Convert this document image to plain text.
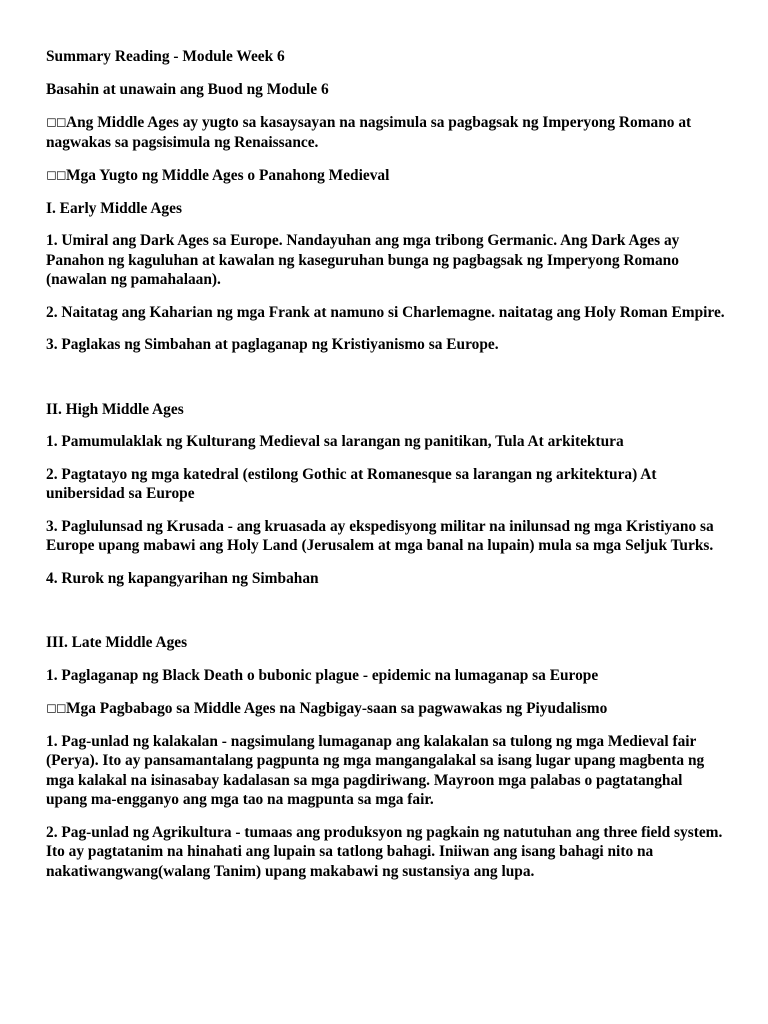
Summary Reading - Module Week 6

Basahin at unawain ang Buod ng Module 6

◻◻Ang Middle Ages ay yugto sa kasaysayan na nagsimula sa pagbagsak ng Imperyong Romano at nagwakas sa pagsisimula ng Renaissance.

◻◻Mga Yugto ng Middle Ages o Panahong Medieval

I. Early Middle Ages

1. Umiral ang Dark Ages sa Europe. Nandayuhan ang mga tribong Germanic. Ang Dark Ages ay Panahon ng kaguluhan at kawalan ng kaseguruhan bunga ng pagbagsak ng Imperyong Romano (nawalan ng pamahalaan).

2. Naitatag ang Kaharian ng mga Frank at namuno si Charlemagne. naitatag ang Holy Roman Empire.

3. Paglakas ng Simbahan at paglaganap ng Kristiyanismo sa Europe.

II. High Middle Ages

1. Pamumulaklak ng Kulturang Medieval sa larangan ng panitikan, Tula At arkitektura

2. Pagtatayo ng mga katedral (estilong Gothic at Romanesque sa larangan ng arkitektura) At unibersidad sa Europe

3. Paglulunsad ng Krusada - ang kruasada ay ekspedisyong militar na inilunsad ng mga Kristiyano sa Europe upang mabawi ang Holy Land (Jerusalem at mga banal na lupain) mula sa mga Seljuk Turks.

4. Rurok ng kapangyarihan ng Simbahan

III. Late Middle Ages

1. Paglaganap ng Black Death o bubonic plague - epidemic na lumaganap sa Europe

◻◻Mga Pagbabago sa Middle Ages na Nagbigay-saan sa pagwawakas ng Piyudalismo

1. Pag-unlad ng kalakalan - nagsimulang lumaganap ang kalakalan sa tulong ng mga Medieval fair (Perya). Ito ay pansamantalang pagpunta ng mga mangangalakal sa isang lugar upang magbenta ng mga kalakal na isinasabay kadalasan sa mga pagdiriwang. Mayroon mga palabas o pagtatanghal upang ma-engganyo ang mga tao na magpunta sa mga fair.

2. Pag-unlad ng Agrikultura - tumaas ang produksyon ng pagkain ng natutuhan ang three field system. Ito ay pagtatanim na hinahati ang lupain sa tatlong bahagi. Iniiwan ang isang bahagi nito na nakatiwangwang(walang Tanim) upang makabawi ng sustansiya ang lupa.
